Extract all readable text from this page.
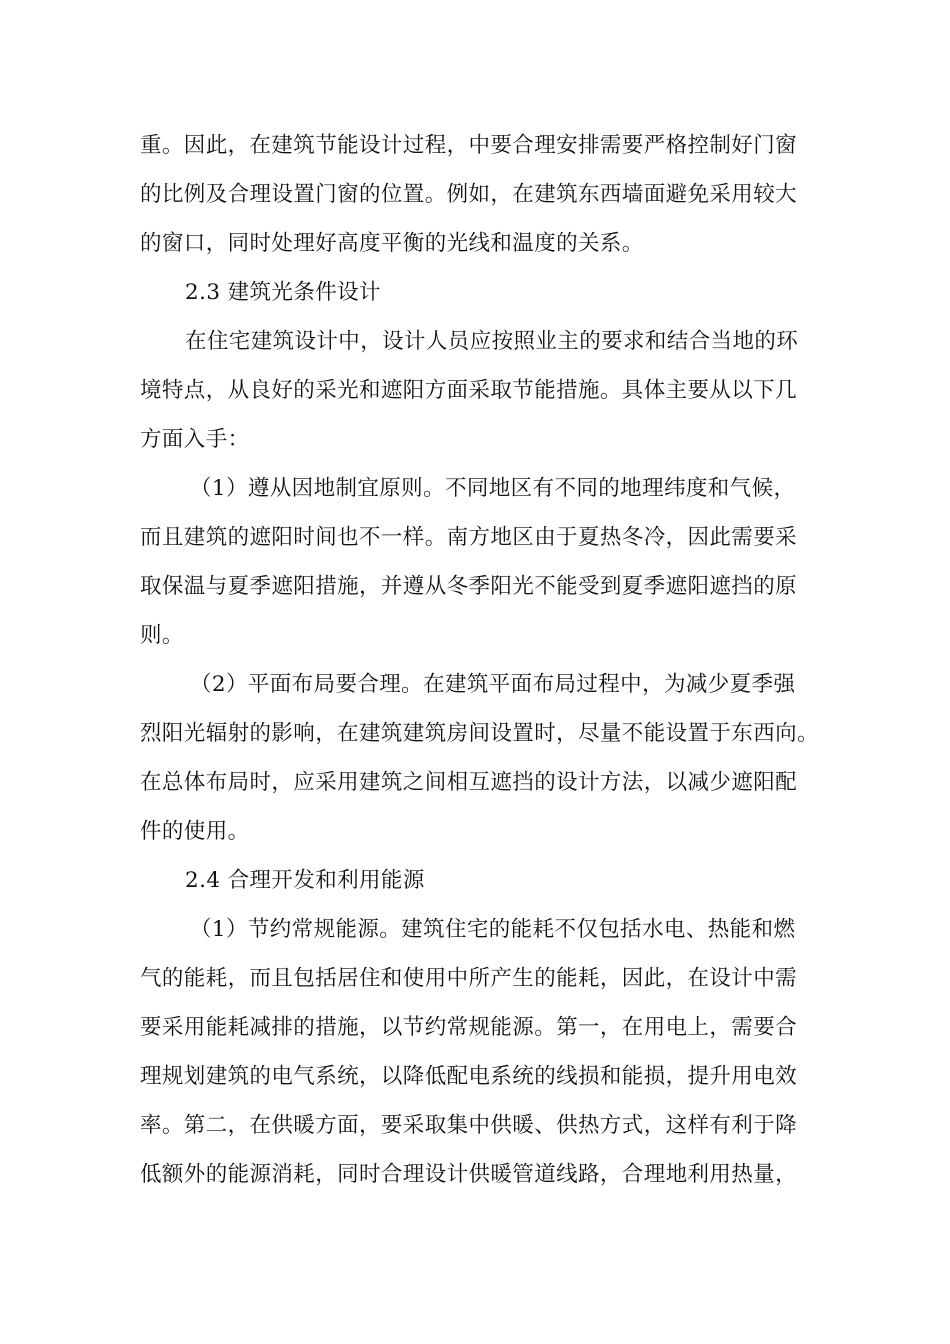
重。因此，在建筑节能设计过程，中要合理安排需要严格控制好门窗
的比例及合理设置门窗的位置。例如，在建筑东西墙面避免采用较大
的窗口，同时处理好高度平衡的光线和温度的关系。
2.3 建筑光条件设计
在住宅建筑设计中，设计人员应按照业主的要求和结合当地的环
境特点，从良好的采光和遮阳方面采取节能措施。具体主要从以下几
方面入手：
（1）遵从因地制宜原则。不同地区有不同的地理纬度和气候，
而且建筑的遮阳时间也不一样。南方地区由于夏热冬冷，因此需要采
取保温与夏季遮阳措施，并遵从冬季阳光不能受到夏季遮阳遮挡的原
则。
（2）平面布局要合理。在建筑平面布局过程中，为减少夏季强
烈阳光辐射的影响，在建筑建筑房间设置时，尽量不能设置于东西向。
在总体布局时，应采用建筑之间相互遮挡的设计方法，以减少遮阳配
件的使用。
2.4 合理开发和利用能源
（1）节约常规能源。建筑住宅的能耗不仅包括水电、热能和燃
气的能耗，而且包括居住和使用中所产生的能耗，因此，在设计中需
要采用能耗减排的措施，以节约常规能源。第一，在用电上，需要合
理规划建筑的电气系统，以降低配电系统的线损和能损，提升用电效
率。第二，在供暖方面，要采取集中供暖、供热方式，这样有利于降
低额外的能源消耗，同时合理设计供暖管道线路，合理地利用热量，
